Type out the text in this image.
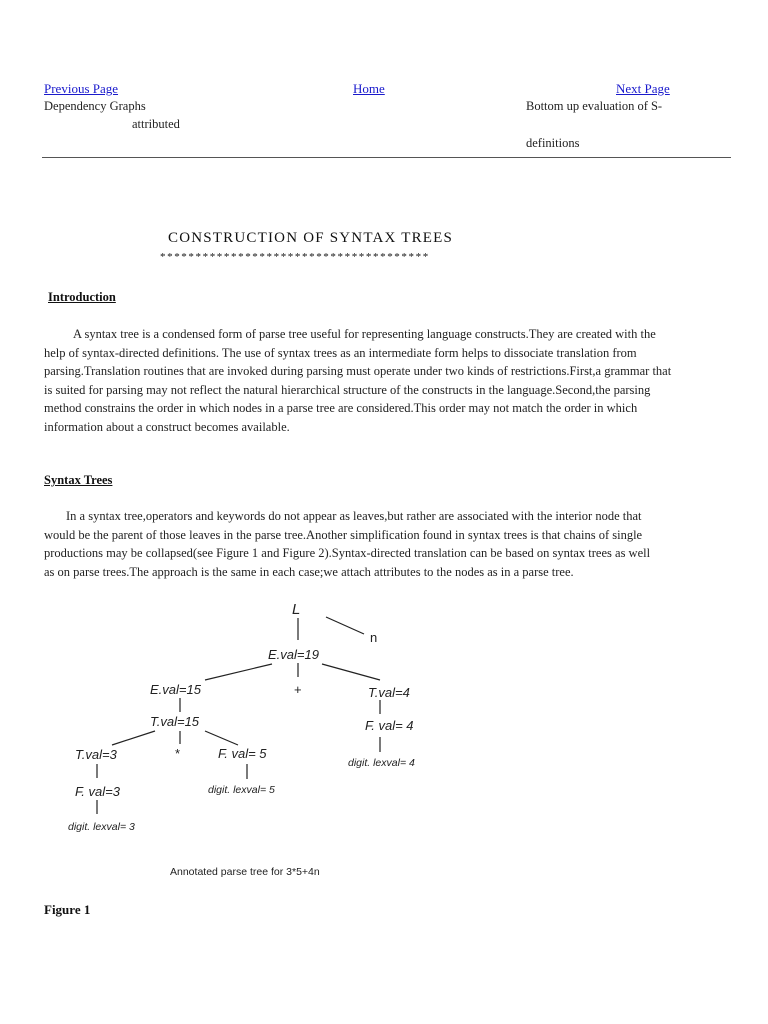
Previous Page	Home	Next Page
Dependency Graphs
attributed
Bottom up evaluation of S-
definitions
CONSTRUCTION OF SYNTAX TREES
**************************************
Introduction
A syntax tree is a condensed form of parse tree useful for representing language constructs.They are created with the
help of syntax-directed definitions. The use of syntax trees as an intermediate form helps to dissociate translation from
parsing.Translation routines that are invoked during parsing must operate under two kinds of restrictions.First,a grammar that
is suited for parsing may not reflect the natural hierarchical structure of the constructs in the language.Second,the parsing
method constrains the order in which nodes in a parse tree are considered.This order may not match the order in which
information about a construct becomes available.
Syntax Trees
In a syntax tree,operators and keywords do not appear as leaves,but rather are associated with the interior node that
would be the parent of those leaves in the parse tree.Another simplification found in syntax trees is that chains of single
productions may be collapsed(see Figure 1 and Figure 2).Syntax-directed translation can be based on syntax trees as well
as on parse trees.The approach is the same in each case;we attach attributes to the nodes as in a parse tree.
L
n
E.val=19
E.val=15	+	T.val=4
T.val=15	F. val= 4
T.val=3	*	F. val= 5
digit. lexval= 4
F. val=3	digit. lexval= 5
digit. lexval= 3
Annotated parse tree for 3*5+4n
Figure 1
